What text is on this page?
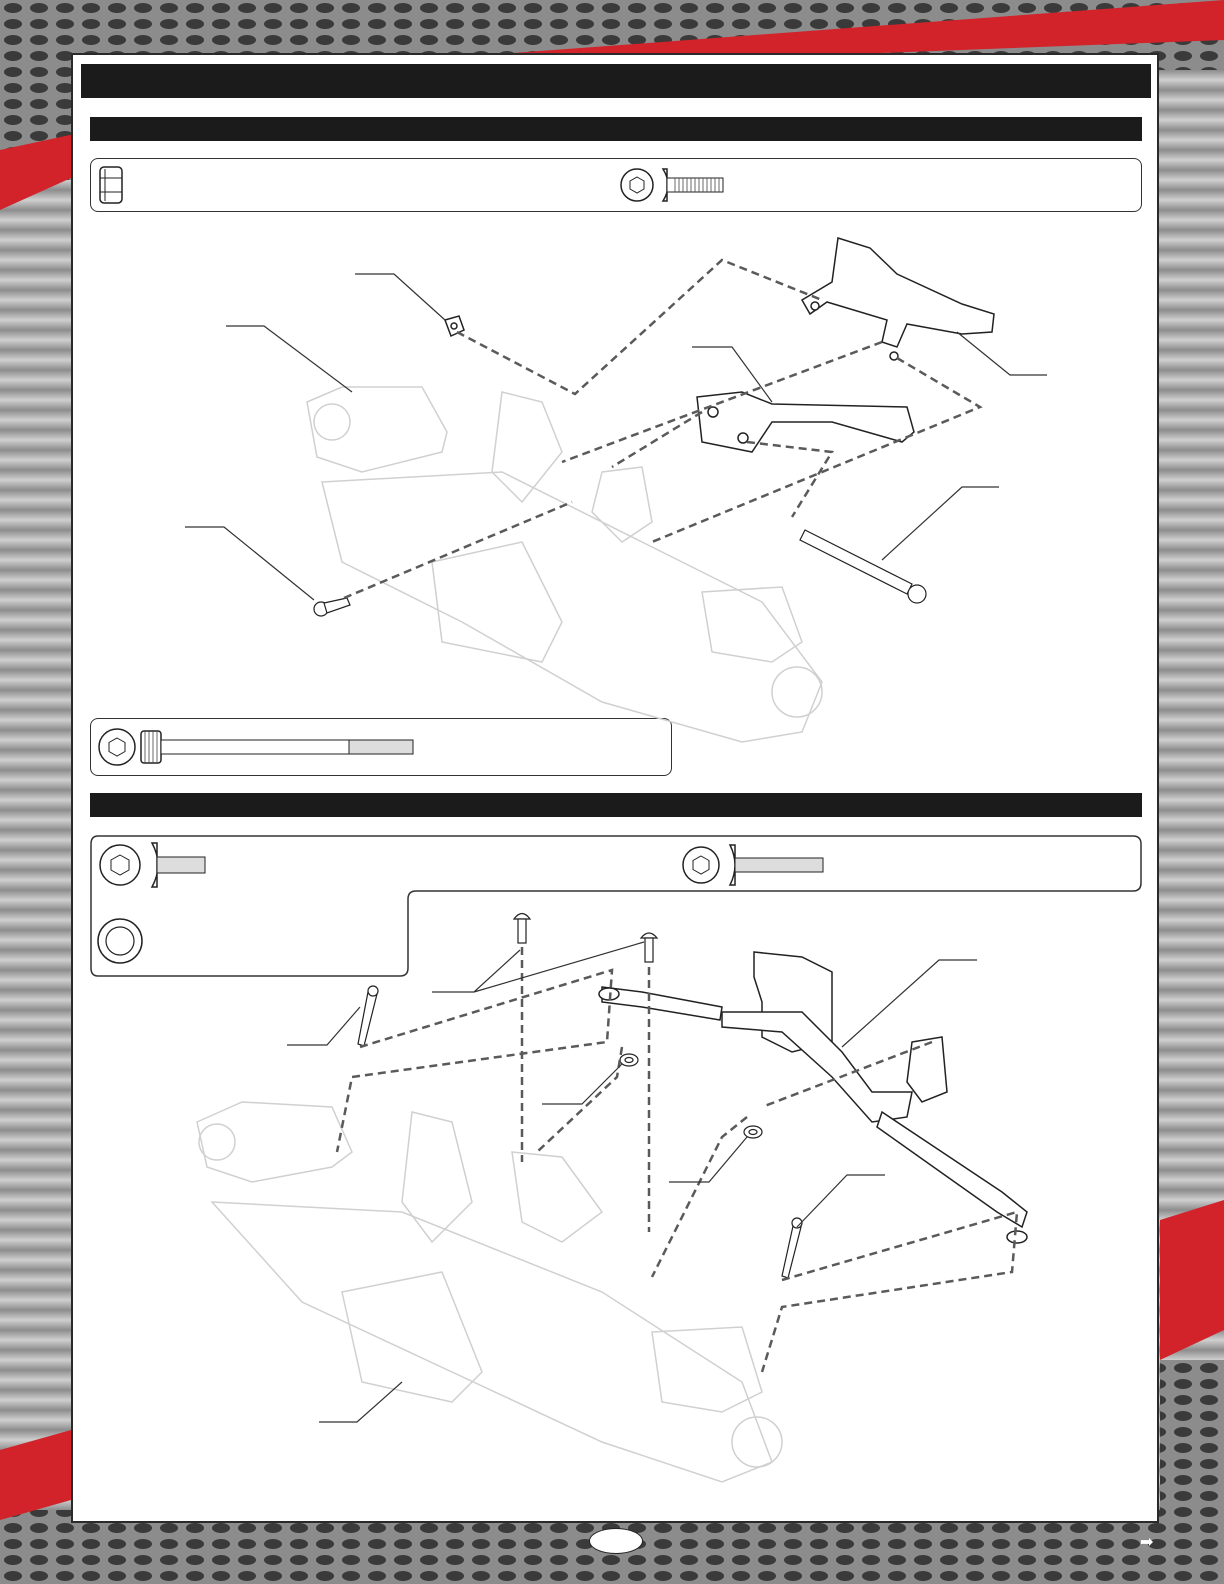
➡
